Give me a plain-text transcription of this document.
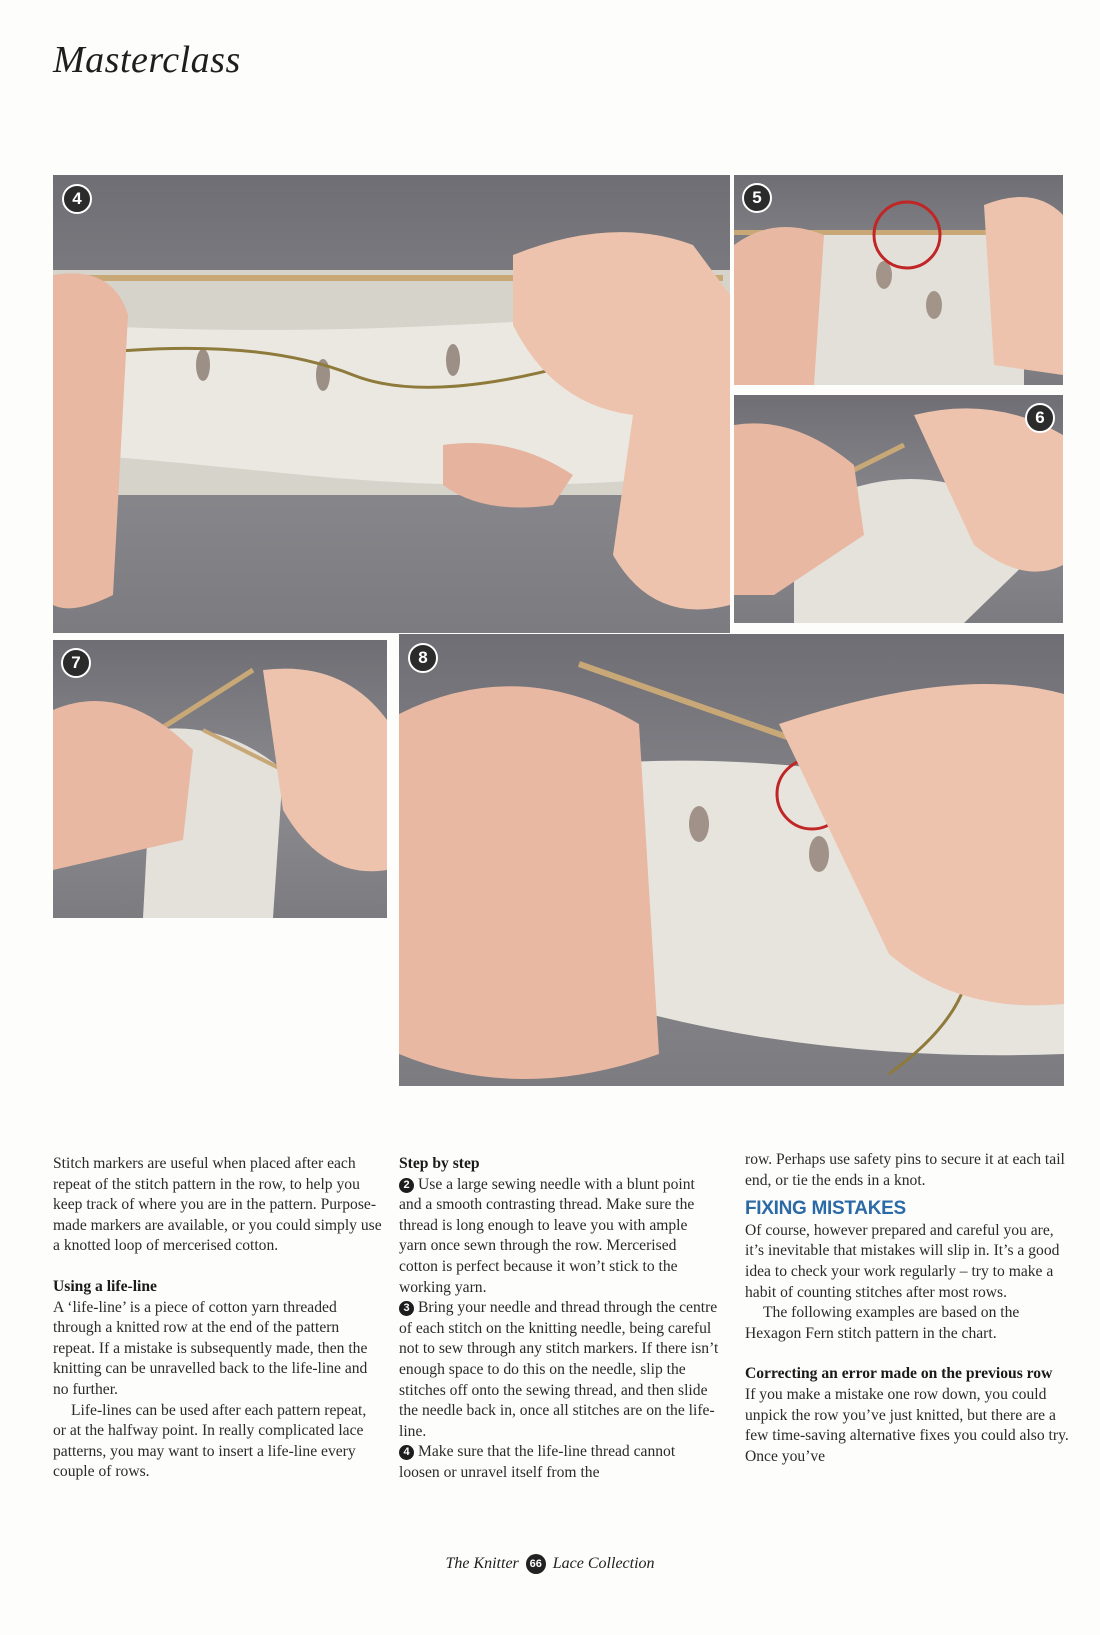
Masterclass
4	5
6
7	8

Stitch markers are useful when placed after each repeat of the stitch pattern in the row, to help you keep track of where you are in the pattern. Purpose-made markers are available, or you could simply use a knotted loop of mercerised cotton.

Using a life-line

A ‘life-line’ is a piece of cotton yarn threaded through a knitted row at the end of the pattern repeat. If a mistake is subsequently made, then the knitting can be unravelled back to the life-line and no further.

Life-lines can be used after each pattern repeat, or at the halfway point. In really complicated lace patterns, you may want to insert a life-line every couple of rows.

Step by step

2 Use a large sewing needle with a blunt point and a smooth contrasting thread. Make sure the thread is long enough to leave you with ample yarn once sewn through the row. Mercerised cotton is perfect because it won’t stick to the working yarn.

3 Bring your needle and thread through the centre of each stitch on the knitting needle, being careful not to sew through any stitch markers. If there isn’t enough space to do this on the needle, slip the stitches off onto the sewing thread, and then slide the needle back in, once all stitches are on the life-line.

4 Make sure that the life-line thread cannot loosen or unravel itself from the

row. Perhaps use safety pins to secure it at each tail end, or tie the ends in a knot.

FIXING MISTAKES

Of course, however prepared and careful you are, it’s inevitable that mistakes will slip in. It’s a good idea to check your work regularly – try to make a habit of counting stitches after most rows.

The following examples are based on the Hexagon Fern stitch pattern in the chart.

Correcting an error made on the previous row

If you make a mistake one row down, you could unpick the row you’ve just knitted, but there are a few time-saving alternative fixes you could also try. Once you’ve

The Knitter 66 Lace Collection
